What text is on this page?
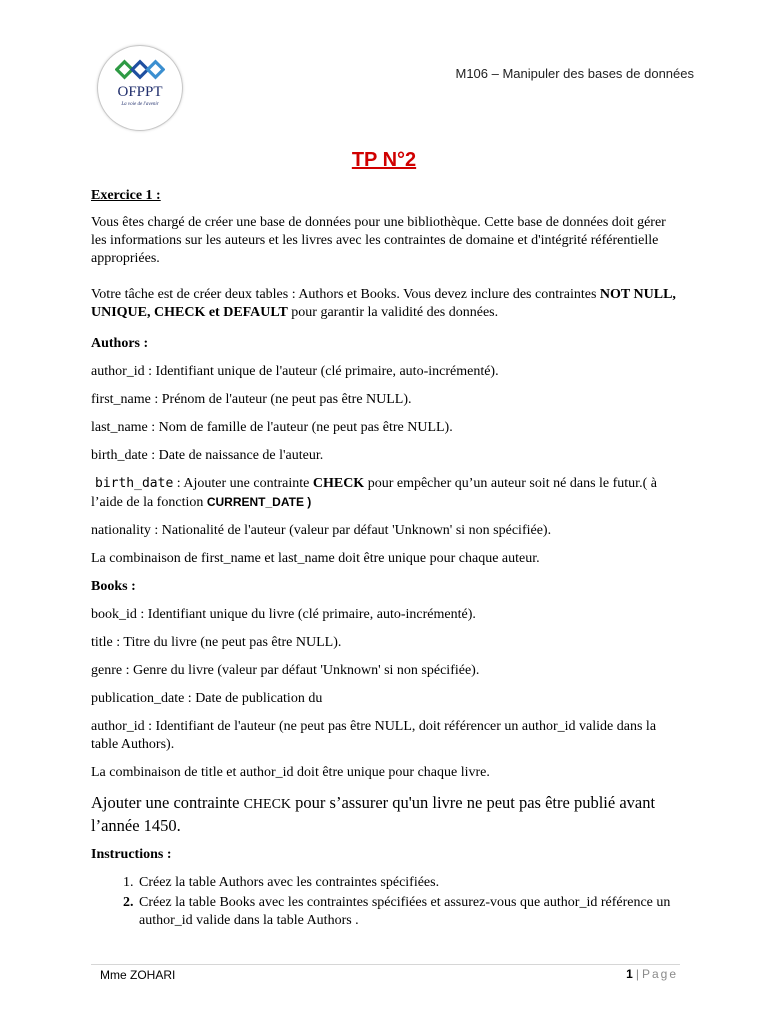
OFPPT
La voie de l'avenir
M106 – Manipuler des bases de données
TP N°2

Exercice 1 :

Vous êtes chargé de créer une base de données pour une bibliothèque. Cette base de données doit gérer les informations sur les auteurs et les livres avec les contraintes de domaine et d'intégrité référentielle appropriées.

Votre tâche est de créer deux tables : Authors et Books. Vous devez inclure des contraintes NOT NULL, UNIQUE, CHECK et DEFAULT pour garantir la validité des données.

Authors :

author_id : Identifiant unique de l'auteur (clé primaire, auto-incrémenté).

first_name : Prénom de l'auteur (ne peut pas être NULL).

last_name : Nom de famille de l'auteur (ne peut pas être NULL).

birth_date : Date de naissance de l'auteur.

birth_date : Ajouter une contrainte CHECK pour empêcher qu’un auteur soit né dans le futur.( à l’aide de la fonction CURRENT_DATE )

nationality : Nationalité de l'auteur (valeur par défaut 'Unknown' si non spécifiée).

La combinaison de first_name et last_name doit être unique pour chaque auteur.

Books :

book_id : Identifiant unique du livre (clé primaire, auto-incrémenté).

title : Titre du livre (ne peut pas être NULL).

genre : Genre du livre (valeur par défaut 'Unknown' si non spécifiée).

publication_date : Date de publication du

author_id : Identifiant de l'auteur (ne peut pas être NULL, doit référencer un author_id valide dans la table Authors).

La combinaison de title et author_id doit être unique pour chaque livre.

Ajouter une contrainte CHECK pour s’assurer qu'un livre ne peut pas être publié avant l’année 1450.

Instructions :

1. Créez la table Authors avec les contraintes spécifiées.
2. Créez la table Books avec les contraintes spécifiées et assurez-vous que author_id référence un author_id valide dans la table Authors .
Mme ZOHARI	1 | Page
